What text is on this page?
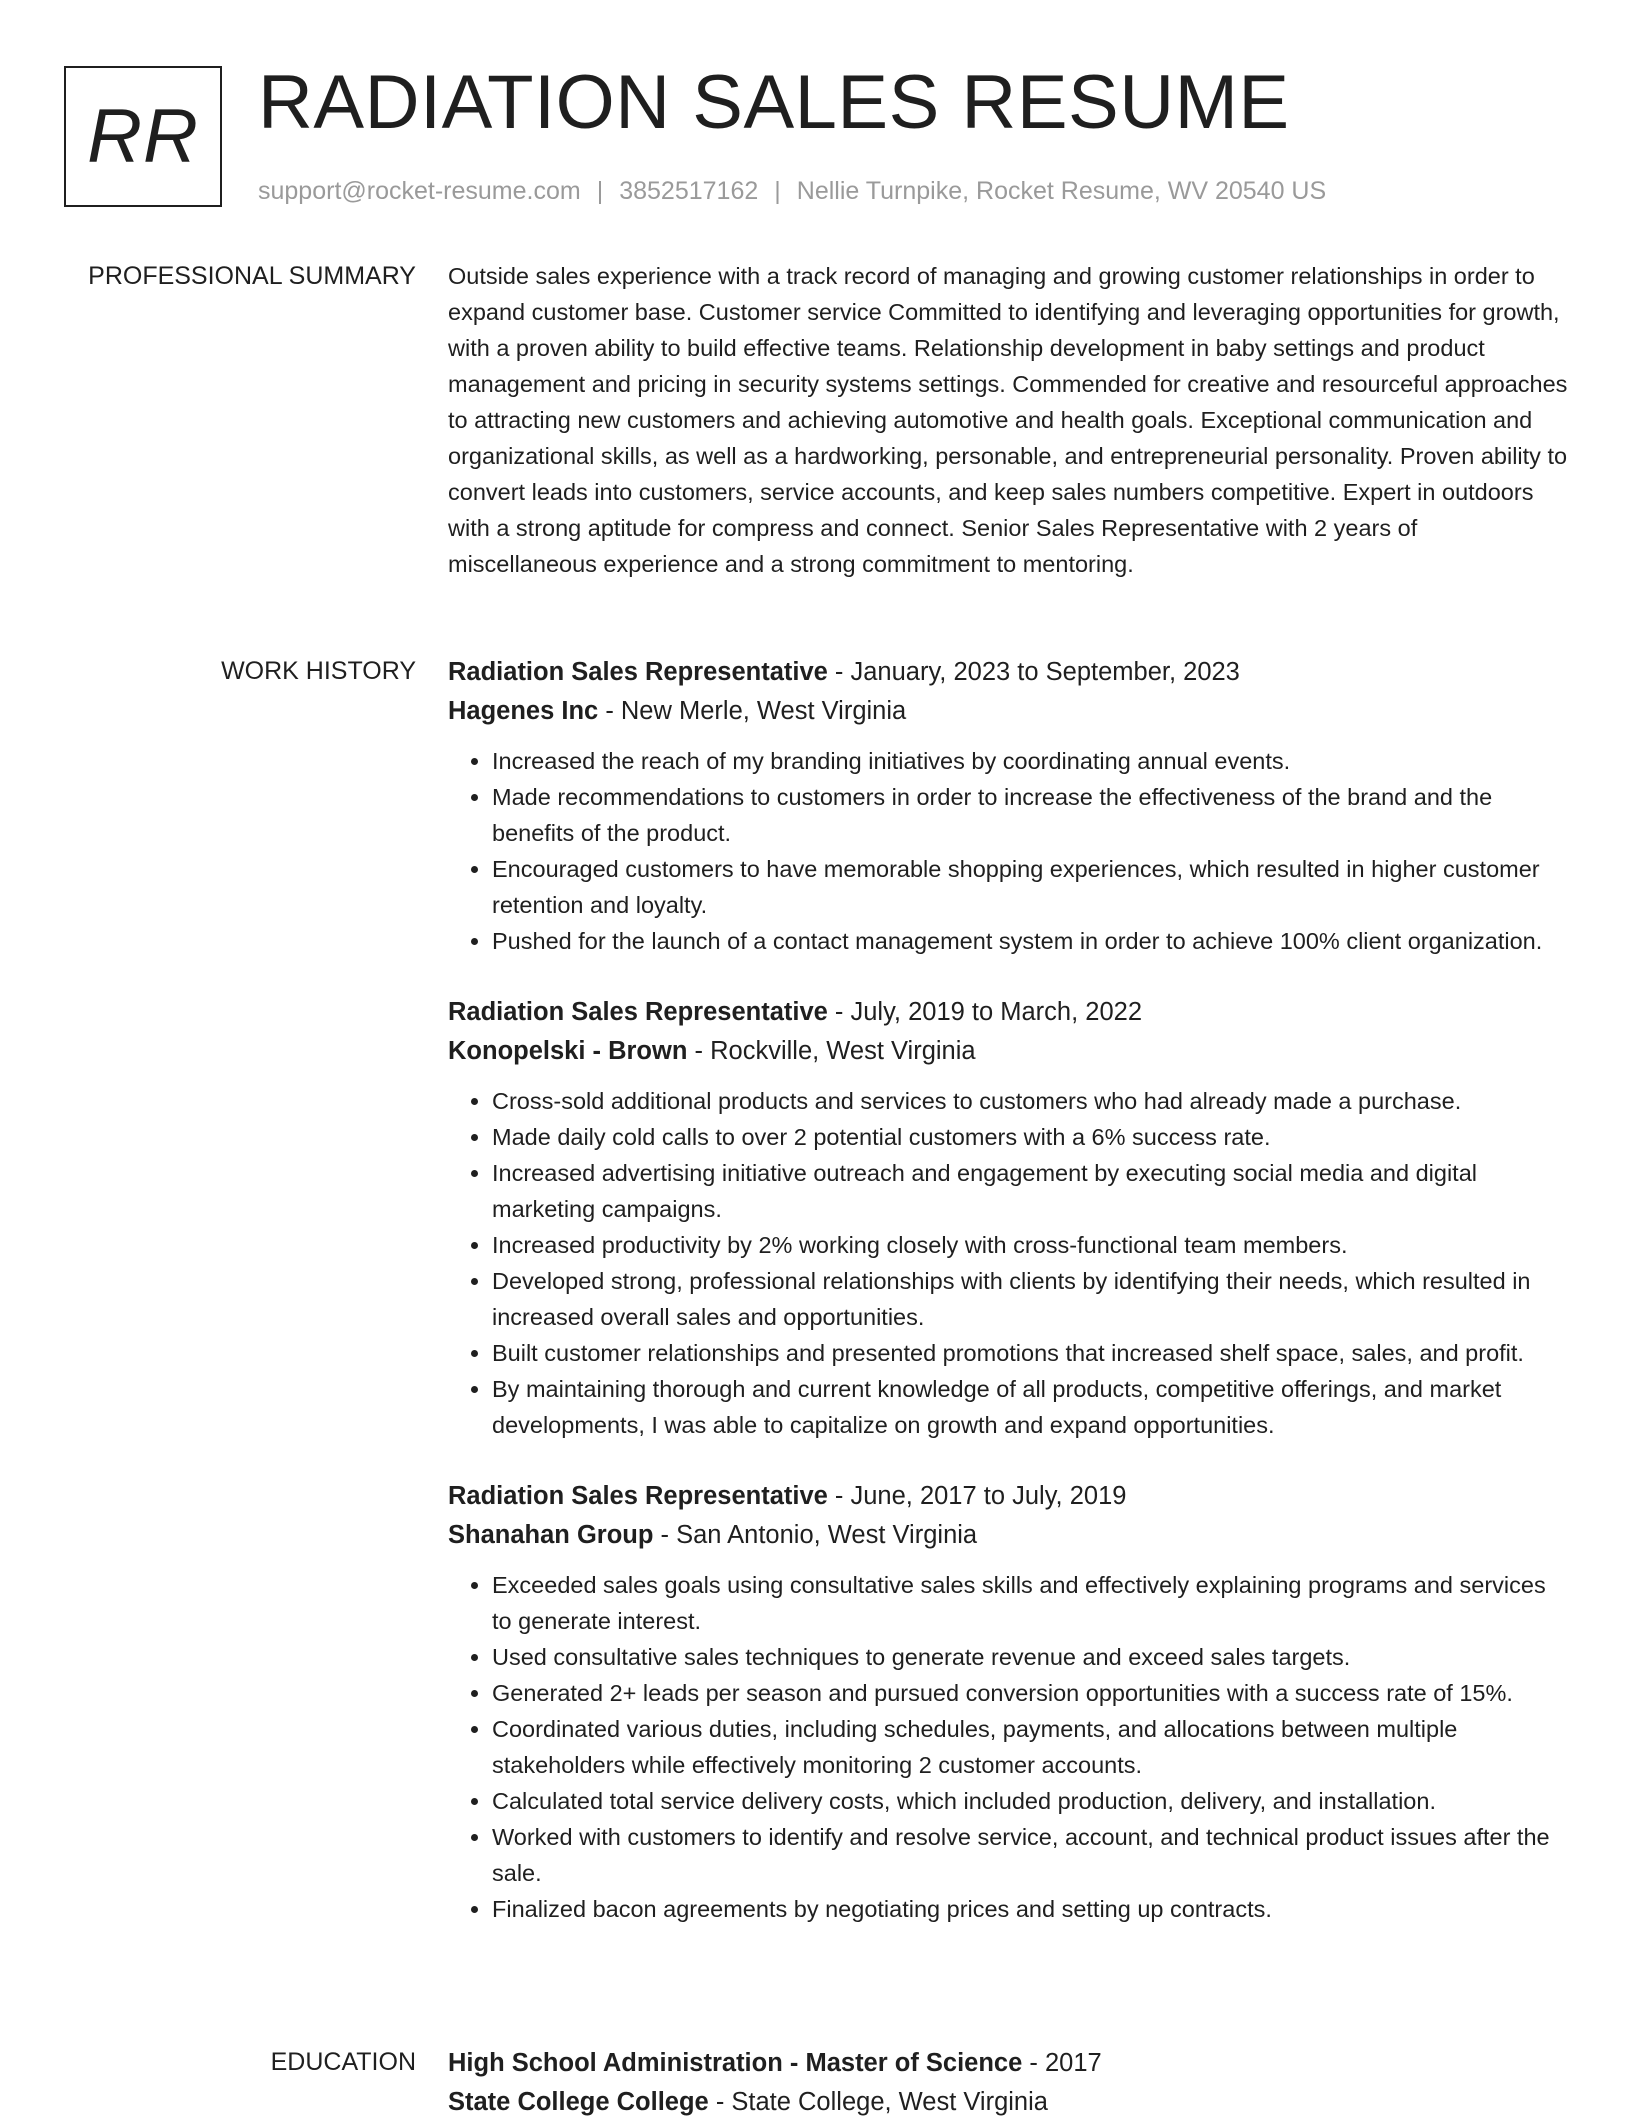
RR RADIATION SALES RESUME
support@rocket-resume.com | 3852517162 | Nellie Turnpike, Rocket Resume, WV 20540 US
PROFESSIONAL SUMMARY Outside sales experience with a track record of managing and growing customer relationships in order to expand customer base. Customer service Committed to identifying and leveraging opportunities for growth, with a proven ability to build effective teams. Relationship development in baby settings and product management and pricing in security systems settings. Commended for creative and resourceful approaches to attracting new customers and achieving automotive and health goals. Exceptional communication and organizational skills, as well as a hardworking, personable, and entrepreneurial personality. Proven ability to convert leads into customers, service accounts, and keep sales numbers competitive. Expert in outdoors with a strong aptitude for compress and connect. Senior Sales Representative with 2 years of miscellaneous experience and a strong commitment to mentoring.

WORK HISTORY Radiation Sales Representative - January, 2023 to September, 2023
Hagenes Inc - New Merle, West Virginia
• Increased the reach of my branding initiatives by coordinating annual events.
• Made recommendations to customers in order to increase the effectiveness of the brand and the benefits of the product.
• Encouraged customers to have memorable shopping experiences, which resulted in higher customer retention and loyalty.
• Pushed for the launch of a contact management system in order to achieve 100% client organization.
Radiation Sales Representative - July, 2019 to March, 2022
Konopelski - Brown - Rockville, West Virginia
• Cross-sold additional products and services to customers who had already made a purchase.
• Made daily cold calls to over 2 potential customers with a 6% success rate.
• Increased advertising initiative outreach and engagement by executing social media and digital marketing campaigns.
• Increased productivity by 2% working closely with cross-functional team members.
• Developed strong, professional relationships with clients by identifying their needs, which resulted in increased overall sales and opportunities.
• Built customer relationships and presented promotions that increased shelf space, sales, and profit.
• By maintaining thorough and current knowledge of all products, competitive offerings, and market developments, I was able to capitalize on growth and expand opportunities.
Radiation Sales Representative - June, 2017 to July, 2019
Shanahan Group - San Antonio, West Virginia
• Exceeded sales goals using consultative sales skills and effectively explaining programs and services to generate interest.
• Used consultative sales techniques to generate revenue and exceed sales targets.
• Generated 2+ leads per season and pursued conversion opportunities with a success rate of 15%.
• Coordinated various duties, including schedules, payments, and allocations between multiple stakeholders while effectively monitoring 2 customer accounts.
• Calculated total service delivery costs, which included production, delivery, and installation.
• Worked with customers to identify and resolve service, account, and technical product issues after the sale.
• Finalized bacon agreements by negotiating prices and setting up contracts.
EDUCATION High School Administration - Master of Science - 2017
State College College - State College, West Virginia
